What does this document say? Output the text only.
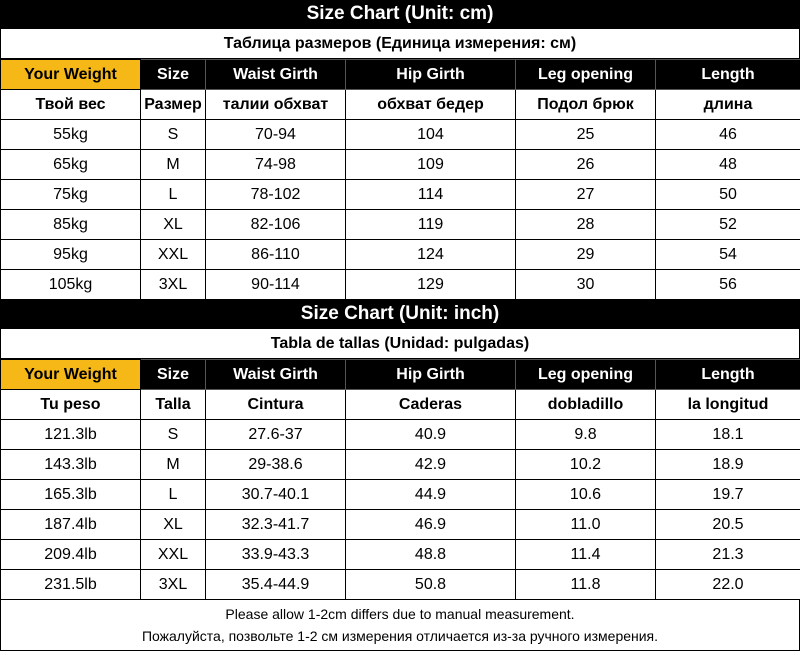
Size Chart (Unit: cm)
Таблица размеров (Единица измерения: см)
Your Weight	Size	Waist Girth	Hip Girth	Leg opening	Length
Твой вес	Размер	талии обхват	обхват бедер	Подол брюк	длина
55kg	S	70-94	104	25	46
65kg	M	74-98	109	26	48
75kg	L	78-102	114	27	50
85kg	XL	82-106	119	28	52
95kg	XXL	86-110	124	29	54
105kg	3XL	90-114	129	30	56
Size Chart (Unit: inch)
Tabla de tallas (Unidad: pulgadas)
Your Weight	Size	Waist Girth	Hip Girth	Leg opening	Length
Tu peso	Talla	Cintura	Caderas	dobladillo	la longitud
121.3lb	S	27.6-37	40.9	9.8	18.1
143.3lb	M	29-38.6	42.9	10.2	18.9
165.3lb	L	30.7-40.1	44.9	10.6	19.7
187.4lb	XL	32.3-41.7	46.9	11.0	20.5
209.4lb	XXL	33.9-43.3	48.8	11.4	21.3
231.5lb	3XL	35.4-44.9	50.8	11.8	22.0
Please allow 1-2cm differs due to manual measurement.
Пожалуйста, позвольте 1-2 см измерения отличается из-за ручного измерения.
